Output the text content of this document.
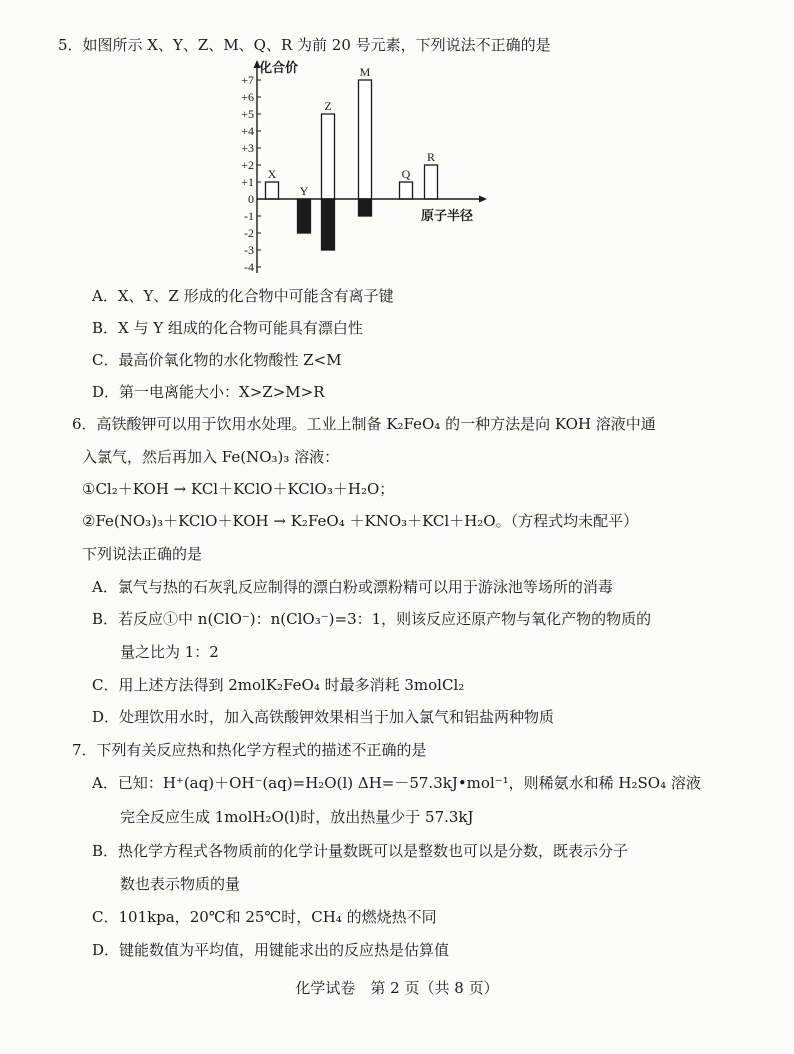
5．如图所示 X、Y、Z、M、Q、R 为前 20 号元素，下列说法不正确的是
+7
+6
+5
+4
+3
+2
+1
0
-1
-2
-3
-4
X
Y
Z
M
Q
R
化合价
原子半径
A．X、Y、Z 形成的化合物中可能含有离子键
B．X 与 Y 组成的化合物可能具有漂白性
C．最高价氧化物的水化物酸性 Z<M
D．第一电离能大小：X>Z>M>R
6．高铁酸钾可以用于饮用水处理。工业上制备 K₂FeO₄ 的一种方法是向 KOH 溶液中通
入氯气，然后再加入 Fe(NO₃)₃ 溶液：
①Cl₂＋KOH → KCl＋KClO＋KClO₃＋H₂O；
②Fe(NO₃)₃＋KClO＋KOH → K₂FeO₄ ＋KNO₃＋KCl＋H₂O。（方程式均未配平）
下列说法正确的是
A．氯气与热的石灰乳反应制得的漂白粉或漂粉精可以用于游泳池等场所的消毒
B．若反应①中 n(ClO⁻)：n(ClO₃⁻)=3：1，则该反应还原产物与氧化产物的物质的
量之比为 1：2
C．用上述方法得到 2molK₂FeO₄ 时最多消耗 3molCl₂
D．处理饮用水时，加入高铁酸钾效果相当于加入氯气和铝盐两种物质
7．下列有关反应热和热化学方程式的描述不正确的是
A．已知：H⁺(aq)＋OH⁻(aq)=H₂O(l) ΔH=－57.3kJ•mol⁻¹，则稀氨水和稀 H₂SO₄ 溶液
完全反应生成 1molH₂O(l)时，放出热量少于 57.3kJ
B．热化学方程式各物质前的化学计量数既可以是整数也可以是分数，既表示分子
数也表示物质的量
C．101kpa，20℃和 25℃时，CH₄ 的燃烧热不同
D．键能数值为平均值，用键能求出的反应热是估算值
化学试卷　第 2 页（共 8 页）
